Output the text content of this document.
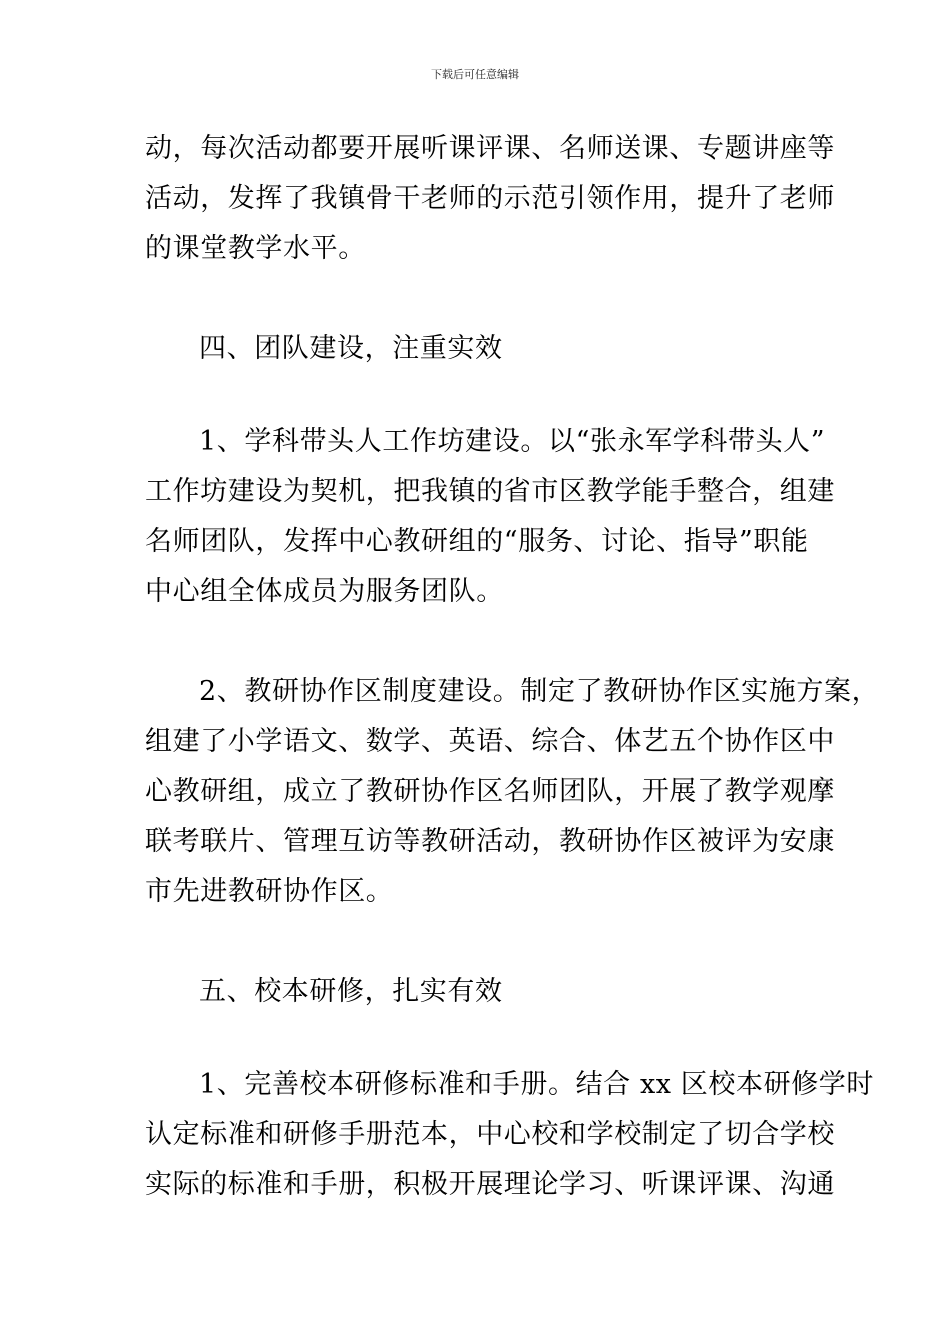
下载后可任意编辑
动，每次活动都要开展听课评课、名师送课、专题讲座等
活动，发挥了我镇骨干老师的示范引领作用，提升了老师
的课堂教学水平。
四、团队建设，注重实效
1、学科带头人工作坊建设。以“张永军学科带头人”
工作坊建设为契机，把我镇的省市区教学能手整合，组建
名师团队，发挥中心教研组的“服务、讨论、指导”职能
中心组全体成员为服务团队。
2、教研协作区制度建设。制定了教研协作区实施方案，
组建了小学语文、数学、英语、综合、体艺五个协作区中
心教研组，成立了教研协作区名师团队，开展了教学观摩
联考联片、管理互访等教研活动，教研协作区被评为安康
市先进教研协作区。
五、校本研修，扎实有效
1、完善校本研修标准和手册。结合 xx 区校本研修学时
认定标准和研修手册范本，中心校和学校制定了切合学校
实际的标准和手册，积极开展理论学习、听课评课、沟通
